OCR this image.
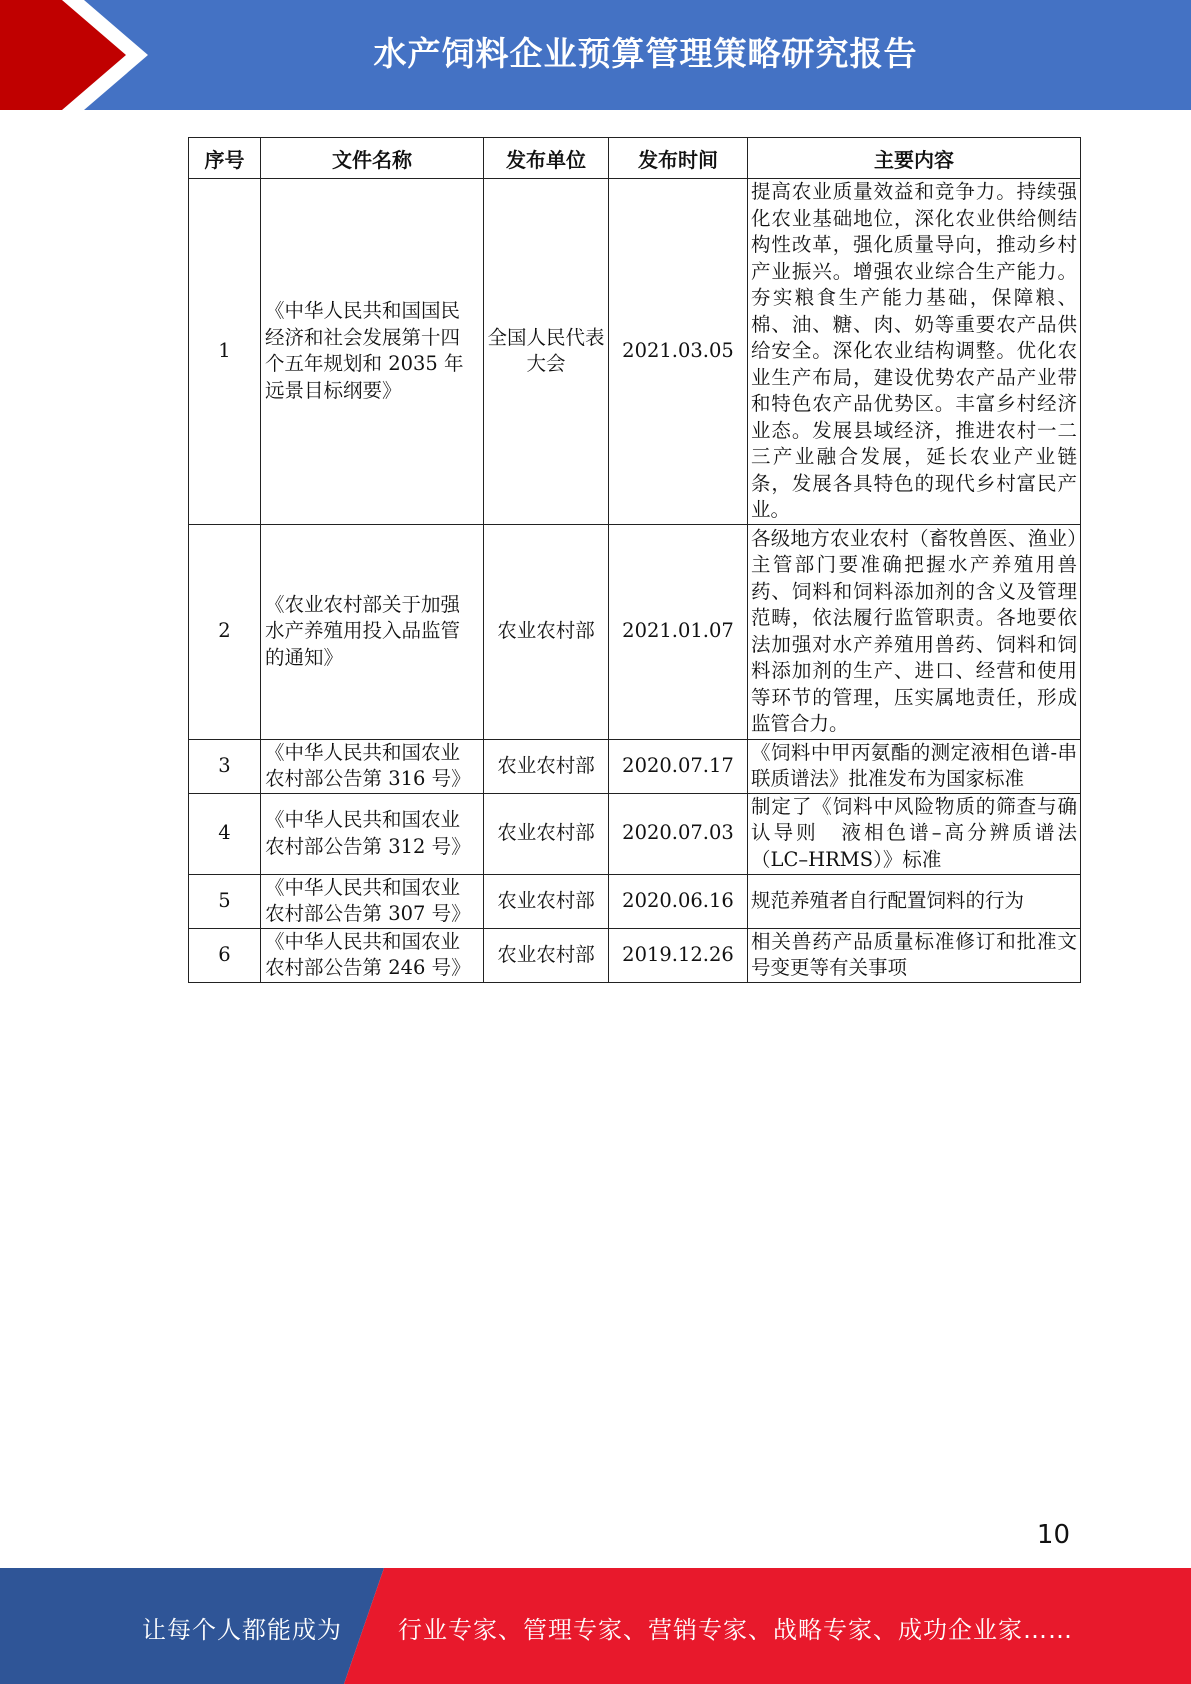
水产饲料企业预算管理策略研究报告
序号	文件名称	发布单位	发布时间	主要内容
1	《中华人民共和国国民经济和社会发展第十四个五年规划和 2035 年远景目标纲要》	全国人民代表大会	2021.03.05	提高农业质量效益和竞争力。持续强化农业基础地位，深化农业供给侧结构性改革，强化质量导向，推动乡村产业振兴。增强农业综合生产能力。夯实粮食生产能力基础，保障粮、棉、油、糖、肉、奶等重要农产品供给安全。深化农业结构调整。优化农业生产布局，建设优势农产品产业带和特色农产品优势区。丰富乡村经济业态。发展县域经济，推进农村一二三产业融合发展，延长农业产业链条，发展各具特色的现代乡村富民产业。
2	《农业农村部关于加强水产养殖用投入品监管的通知》	农业农村部	2021.01.07	各级地方农业农村（畜牧兽医、渔业）主管部门要准确把握水产养殖用兽药、饲料和饲料添加剂的含义及管理范畴，依法履行监管职责。各地要依法加强对水产养殖用兽药、饲料和饲料添加剂的生产、进口、经营和使用等环节的管理，压实属地责任，形成监管合力。
3	《中华人民共和国农业农村部公告第 316 号》	农业农村部	2020.07.17	《饲料中甲丙氨酯的测定液相色谱-串联质谱法》批准发布为国家标准
4	《中华人民共和国农业农村部公告第 312 号》	农业农村部	2020.07.03	制定了《饲料中风险物质的筛查与确认导则　液相色谱–高分辨质谱法（LC–HRMS）》标准
5	《中华人民共和国农业农村部公告第 307 号》	农业农村部	2020.06.16	规范养殖者自行配置饲料的行为
6	《中华人民共和国农业农村部公告第 246 号》	农业农村部	2019.12.26	相关兽药产品质量标准修订和批准文号变更等有关事项
10
让每个人都能成为 行业专家、管理专家、营销专家、战略专家、成功企业家……
